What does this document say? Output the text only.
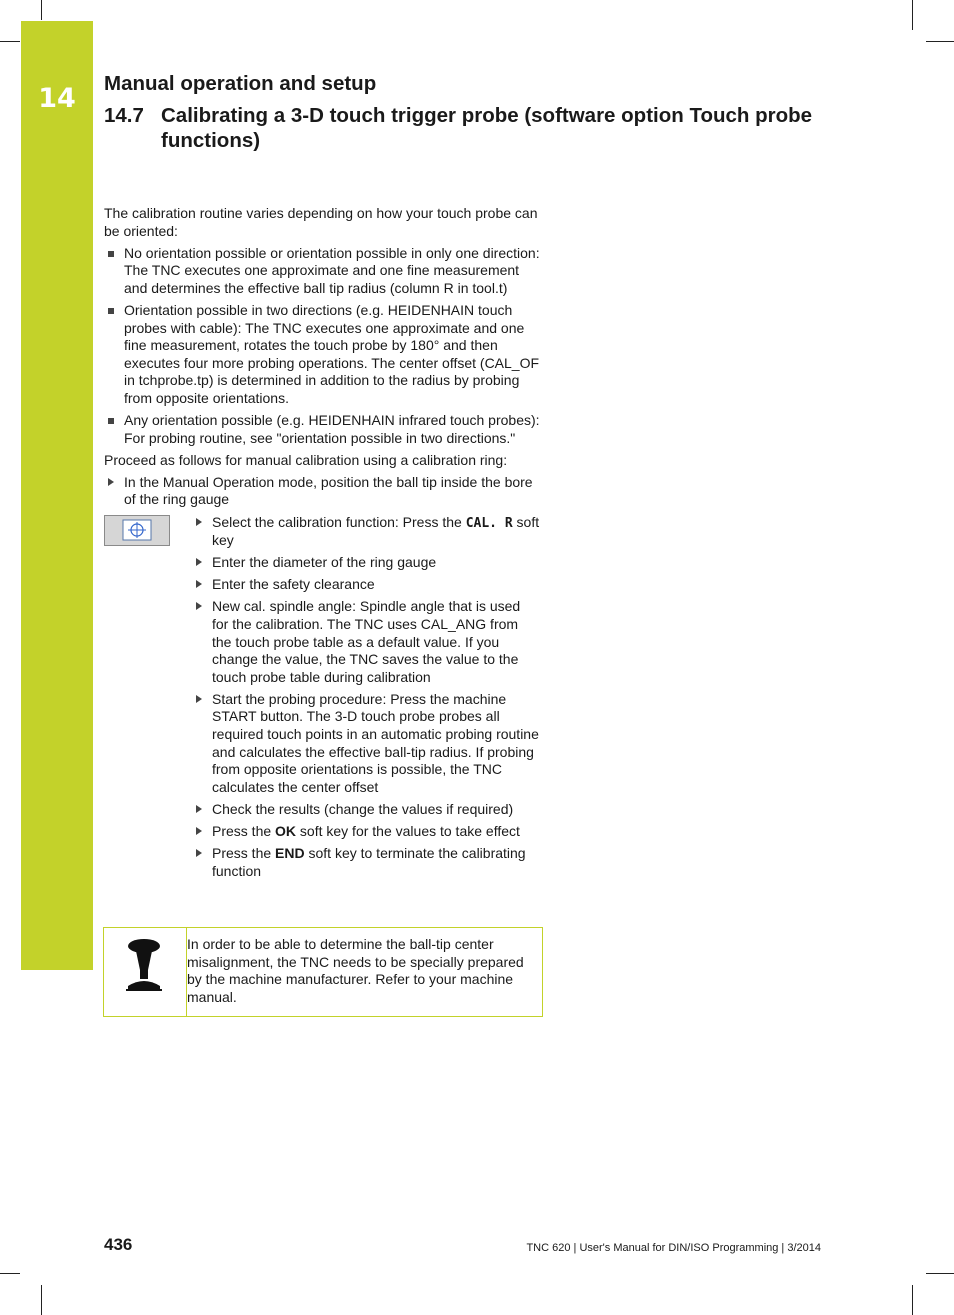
14	Manual operation and setup
14.7 Calibrating a 3-D touch trigger probe (software option Touch probe functions)

The calibration routine varies depending on how your touch probe can be oriented:

No orientation possible or orientation possible in only one direction: The TNC executes one approximate and one fine measurement and determines the effective ball tip radius (column R in tool.t)
Orientation possible in two directions (e.g. HEIDENHAIN touch probes with cable): The TNC executes one approximate and one fine measurement, rotates the touch probe by 180° and then executes four more probing operations. The center offset (CAL_OF in tchprobe.tp) is determined in addition to the radius by probing from opposite orientations.
Any orientation possible (e.g. HEIDENHAIN infrared touch probes): For probing routine, see "orientation possible in two directions."

Proceed as follows for manual calibration using a calibration ring:

In the Manual Operation mode, position the ball tip inside the bore of the ring gauge
Select the calibration function: Press the CAL. R soft key
Enter the diameter of the ring gauge
Enter the safety clearance
New cal. spindle angle: Spindle angle that is used for the calibration. The TNC uses CAL_ANG from the touch probe table as a default value. If you change the value, the TNC saves the value to the touch probe table during calibration
Start the probing procedure: Press the machine START button. The 3-D touch probe probes all required touch points in an automatic probing routine and calculates the effective ball-tip radius. If probing from opposite orientations is possible, the TNC calculates the center offset
Check the results (change the values if required)
Press the OK soft key for the values to take effect
Press the END soft key to terminate the calibrating function
In order to be able to determine the ball-tip center misalignment, the TNC needs to be specially prepared by the machine manufacturer. Refer to your machine manual.
436	TNC 620 | User's Manual for DIN/ISO Programming | 3/2014
